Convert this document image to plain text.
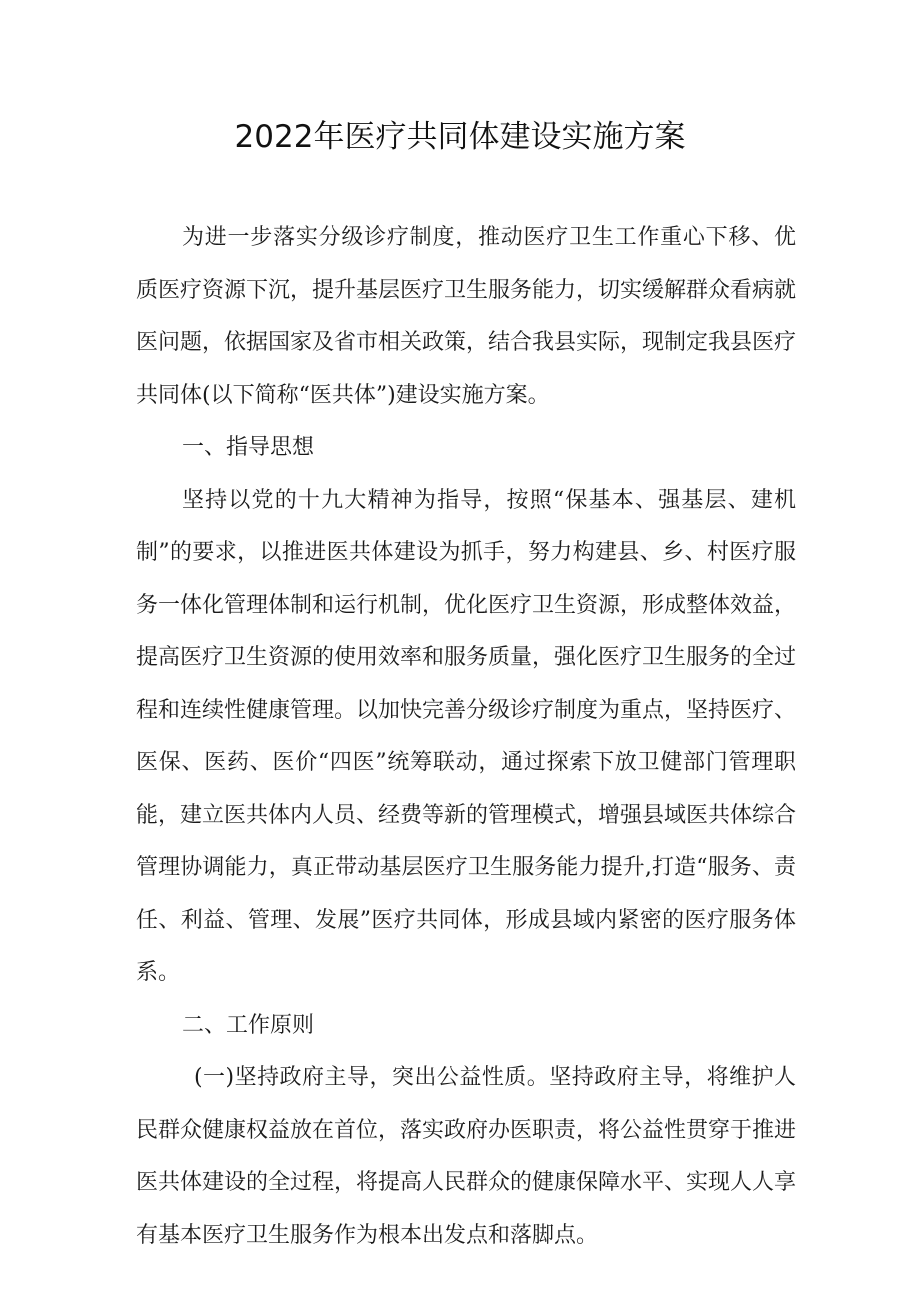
2022年医疗共同体建设实施方案

为进一步落实分级诊疗制度，推动医疗卫生工作重心下移、优质医疗资源下沉，提升基层医疗卫生服务能力，切实缓解群众看病就医问题，依据国家及省市相关政策，结合我县实际，现制定我县医疗共同体(以下简称“医共体”)建设实施方案。

一、指导思想

坚持以党的十九大精神为指导，按照“保基本、强基层、建机制”的要求，以推进医共体建设为抓手，努力构建县、乡、村医疗服务一体化管理体制和运行机制，优化医疗卫生资源，形成整体效益，提高医疗卫生资源的使用效率和服务质量，强化医疗卫生服务的全过程和连续性健康管理。以加快完善分级诊疗制度为重点，坚持医疗、医保、医药、医价“四医”统筹联动，通过探索下放卫健部门管理职能，建立医共体内人员、经费等新的管理模式，增强县域医共体综合管理协调能力，真正带动基层医疗卫生服务能力提升,打造“服务、责任、利益、管理、发展”医疗共同体，形成县域内紧密的医疗服务体系。

二、工作原则

(一)坚持政府主导，突出公益性质。坚持政府主导，将维护人民群众健康权益放在首位，落实政府办医职责，将公益性贯穿于推进医共体建设的全过程，将提高人民群众的健康保障水平、实现人人享有基本医疗卫生服务作为根本出发点和落脚点。
